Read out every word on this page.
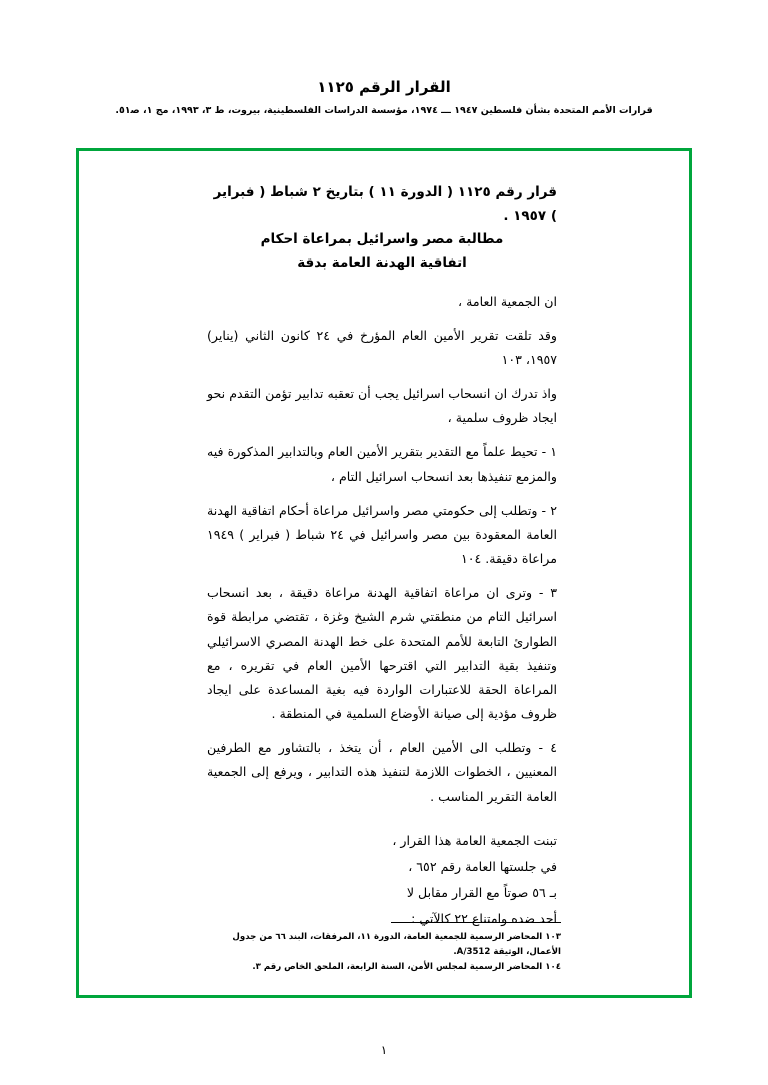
القرار الرقم ١١٢٥
قرارات الأمم المتحدة بشأن فلسطين ١٩٤٧ ـــ ١٩٧٤، مؤسسة الدراسات الفلسطينية، بيروت، ط ٣، ١٩٩٣، مج ١، ص‍٥١.
قرار رقم ١١٢٥ ( الدورة ١١ ) بتاريخ ٢ شباط ( فبراير ) ١٩٥٧ .
مطالبة مصر واسرائيل بمراعاة احكام
اتفاقية الهدنة العامة بدقة

ان الجمعية العامة ،

وقد تلقت تقرير الأمين العام المؤرخ في ٢٤ كانون الثاني (يناير) ١٩٥٧، ١٠٣

واذ تدرك ان انسحاب اسرائيل يجب أن تعقبه تدابير تؤمن التقدم نحو ايجاد ظروف سلمية ،

١ - تحيط علماً مع التقدير بتقرير الأمين العام وبالتدابير المذكورة فيه والمزمع تنفيذها بعد انسحاب اسرائيل التام ،

٢ - وتطلب إلى حكومتي مصر واسرائيل مراعاة أحكام اتفاقية الهدنة العامة المعقودة بين مصر واسرائيل في ٢٤ شباط ( فبراير ) ١٩٤٩ مراعاة دقيقة. ١٠٤

٣ - وترى ان مراعاة اتفاقية الهدنة مراعاة دقيقة ، بعد انسحاب اسرائيل التام من منطقتي شرم الشيخ وغزة ، تقتضي مرابطة قوة الطوارئ التابعة للأمم المتحدة على خط الهدنة المصري الاسرائيلي وتنفيذ بقية التدابير التي اقترحها الأمين العام في تقريره ، مع المراعاة الحقة للاعتبارات الواردة فيه بغية المساعدة على ايجاد ظروف مؤدية إلى صيانة الأوضاع السلمية في المنطقة .

٤ - وتطلب الى الأمين العام ، أن يتخذ ، بالتشاور مع الطرفين المعنيين ، الخطوات اللازمة لتنفيذ هذه التدابير ، ويرفع إلى الجمعية العامة التقرير المناسب .

تبنت الجمعية العامة هذا القرار ،
في جلستها العامة رقم ٦٥٢ ،
بـ ٥٦ صوتاً مع القرار مقابل لا
أحد ضده وامتناع ٢٢ كالآتي :
١٠٣ المحاضر الرسمية للجمعية العامة، الدورة ١١، المرفقات، البند ٦٦ من جدول الأعمال، الوثيقة A/3512.
١٠٤ المحاضر الرسمية لمجلس الأمن، السنة الرابعة، الملحق الخاص رقم ٣.
١
